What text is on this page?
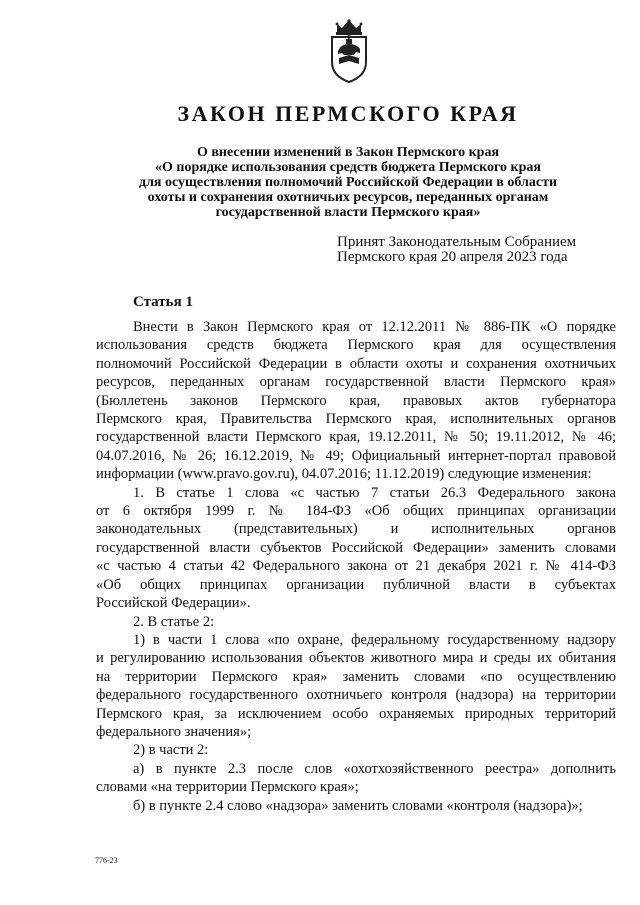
ЗАКОН ПЕРМСКОГО КРАЯ
О внесении изменений в Закон Пермского края
«О порядке использования средств бюджета Пермского края
для осуществления полномочий Российской Федерации в области
охоты и сохранения охотничьих ресурсов, переданных органам
государственной власти Пермского края»
Принят Законодательным Собранием
Пермского края 20 апреля 2023 года
Статья 1

Внести в Закон Пермского края от 12.12.2011 № 886-ПК «О порядке

использования средств бюджета Пермского края для осуществления

полномочий Российской Федерации в области охоты и сохранения охотничьих

ресурсов, переданных органам государственной власти Пермского края»

(Бюллетень законов Пермского края, правовых актов губернатора

Пермского края, Правительства Пермского края, исполнительных органов

государственной власти Пермского края, 19.12.2011, № 50; 19.11.2012, № 46;

04.07.2016, № 26; 16.12.2019, № 49; Официальный интернет-портал правовой

информации (www.pravo.gov.ru), 04.07.2016; 11.12.2019) следующие изменения:

1. В статье 1 слова «с частью 7 статьи 26.3 Федерального закона

от 6 октября 1999 г. № 184-ФЗ «Об общих принципах организации

законодательных (представительных) и исполнительных органов

государственной власти субъектов Российской Федерации» заменить словами

«с частью 4 статьи 42 Федерального закона от 21 декабря 2021 г. № 414-ФЗ

«Об общих принципах организации публичной власти в субъектах

Российской Федерации».

2. В статье 2:

1) в части 1 слова «по охране, федеральному государственному надзору

и регулированию использования объектов животного мира и среды их обитания

на территории Пермского края» заменить словами «по осуществлению

федерального государственного охотничьего контроля (надзора) на территории

Пермского края, за исключением особо охраняемых природных территорий

федерального значения»;

2) в части 2:

а) в пункте 2.3 после слов «охотхозяйственного реестра» дополнить

словами «на территории Пермского края»;

б) в пункте 2.4 слово «надзора» заменить словами «контроля (надзора)»;

776-23
